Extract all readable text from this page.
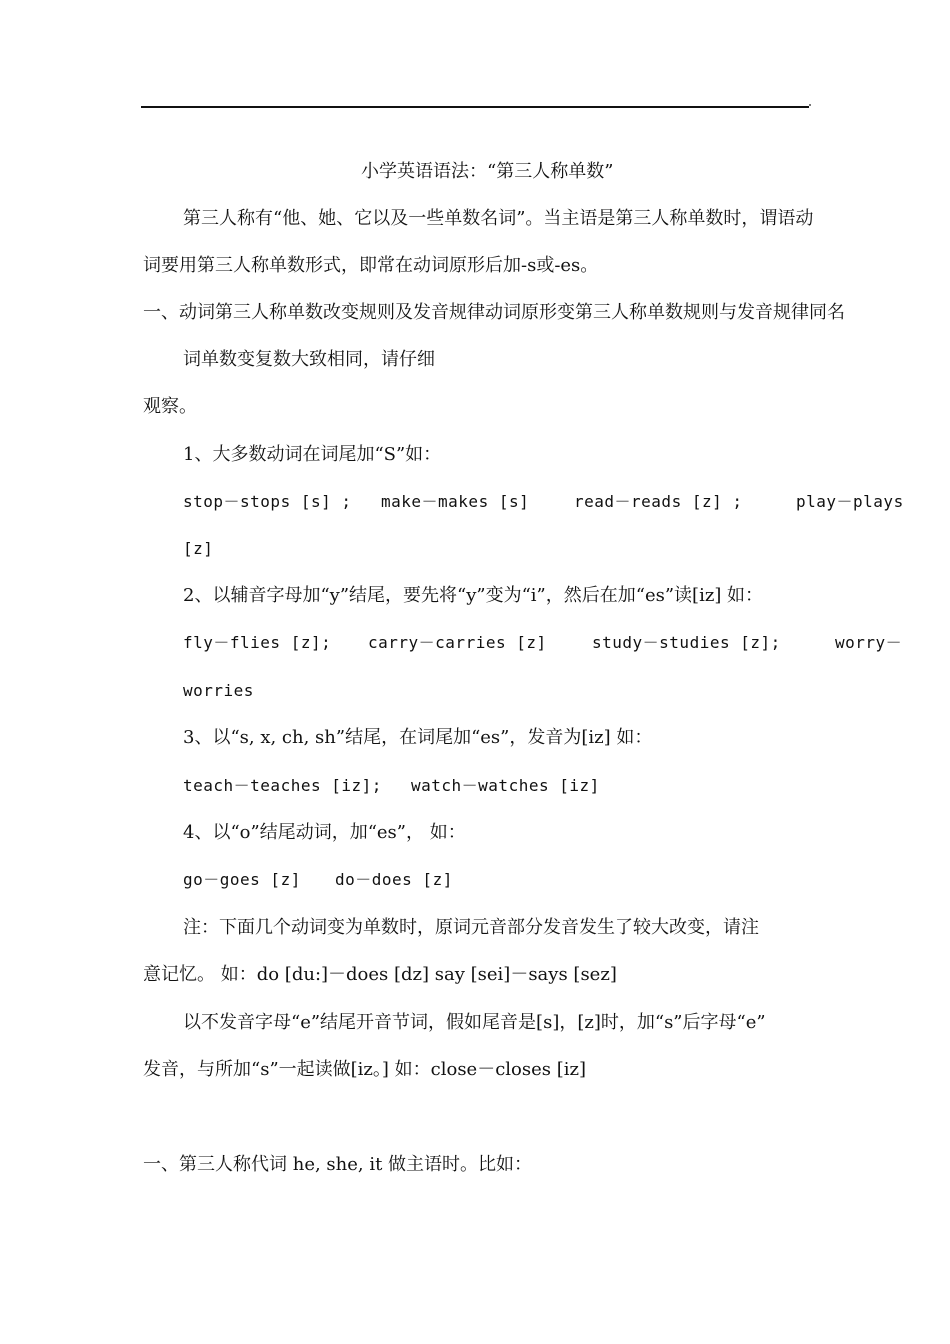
小学英语语法：“第三人称单数”
第三人称有“他、她、它以及一些单数名词”。当主语是第三人称单数时，谓语动
词要用第三人称单数形式，即常在动词原形后加-s或-es。
一、动词第三人称单数改变规则及发音规律动词原形变第三人称单数规则与发音规律同名
词单数变复数大致相同，请仔细
观察。
1、大多数动词在词尾加“S”如：
stop－stops [s] ; make－makes [s]	read－reads [z] ;	play－plays
[z]
2、以辅音字母加“y”结尾，要先将“y”变为“i”，然后在加“es”读[iz] 如：
fly－flies [z]; carry－carries [z]	study－studies [z];	worry－
worries
3、以“s, x, ch, sh”结尾，在词尾加“es”，发音为[iz] 如：
teach－teaches [iz]; watch－watches [iz]
4、以“o”结尾动词，加“es”， 如：
go－goes [z] do－does [z]
注：下面几个动词变为单数时，原词元音部分发音发生了较大改变，请注
意记忆。 如：do [du:]－does [dz] say [sei]－says [sez]
以不发音字母“e”结尾开音节词，假如尾音是[s]，[z]时，加“s”后字母“e”
发音，与所加“s”一起读做[iz。] 如：close－closes [iz]
一、第三人称代词 he, she, it 做主语时。比如：
